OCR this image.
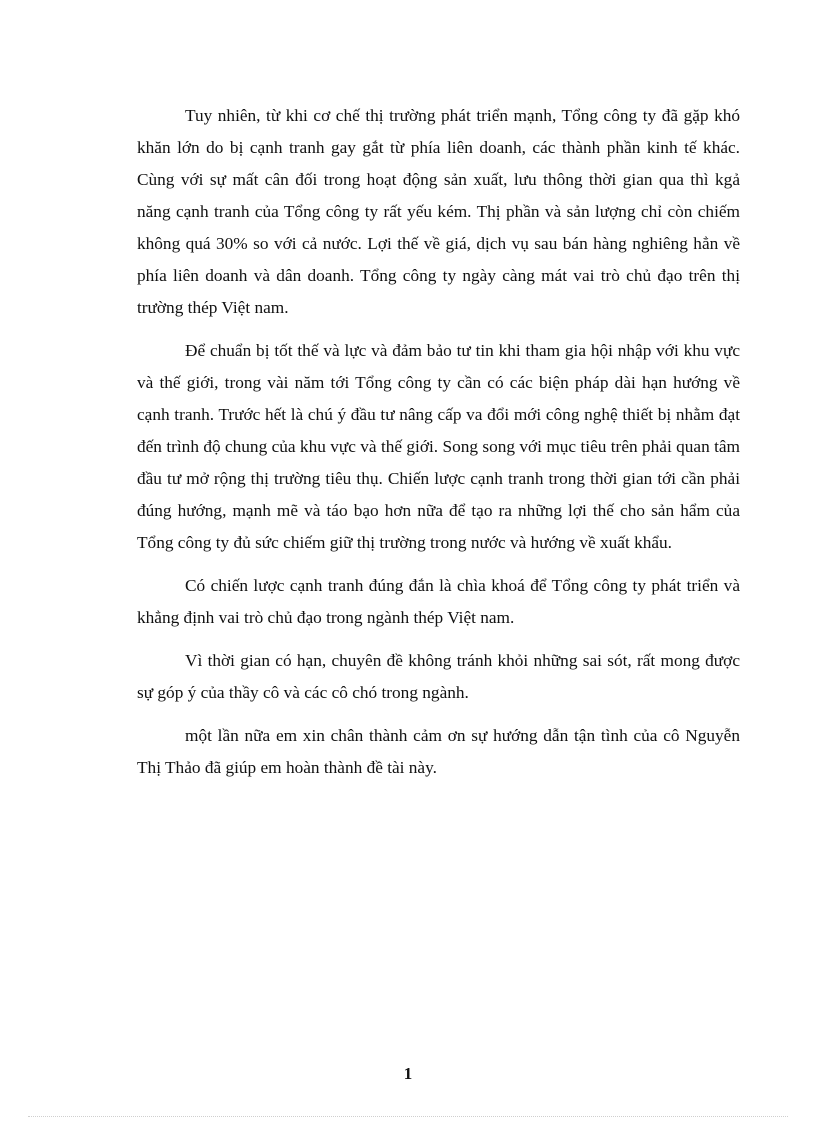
Tuy nhiên, từ khi cơ chế thị trường phát triển mạnh, Tổng công ty đã gặp khó khăn lớn do bị cạnh tranh gay gắt từ phía liên doanh, các thành phần kinh tế khác. Cùng với sự mất cân đối trong hoạt động sản xuất, lưu thông thời gian qua thì kgả năng cạnh tranh của Tổng công ty rất yếu kém. Thị phần và sản lượng chỉ còn chiếm không quá 30% so với cả nước. Lợi thế về giá, dịch vụ sau bán hàng nghiêng hẳn về phía liên doanh và dân doanh. Tổng công ty ngày càng mát vai trò chủ đạo trên thị trường thép Việt nam.

Để chuẩn bị tốt thế và lực và đảm bảo tư tin khi tham gia hội nhập với khu vực và thế giới, trong vài năm tới Tổng công ty cần có các biện pháp dài hạn hướng về cạnh tranh. Trước hết là chú ý đầu tư nâng cấp va đổi mới công nghệ thiết bị nhằm đạt đến trình độ chung của khu vực và thế giới. Song song với mục tiêu trên phải quan tâm đầu tư mở rộng thị trường tiêu thụ. Chiến lược cạnh tranh trong thời gian tới cần phải đúng hướng, mạnh mẽ và táo bạo hơn nữa để tạo ra những lợi thế cho sản hẩm của Tổng công ty đủ sức chiếm giữ thị trường trong nước và hướng về xuất khẩu.

Có chiến lược cạnh tranh đúng đắn là chìa khoá để Tổng công ty phát triển và khẳng định vai trò chủ đạo trong ngành thép Việt nam.

Vì thời gian có hạn, chuyên đề không tránh khỏi những sai sót, rất mong được sự góp ý của thầy cô và các cô chó trong ngành.

một lần nữa em xin chân thành cảm ơn sự hướng dẫn tận tình của cô Nguyễn Thị Thảo đã giúp em hoàn thành đề tài này.

1
